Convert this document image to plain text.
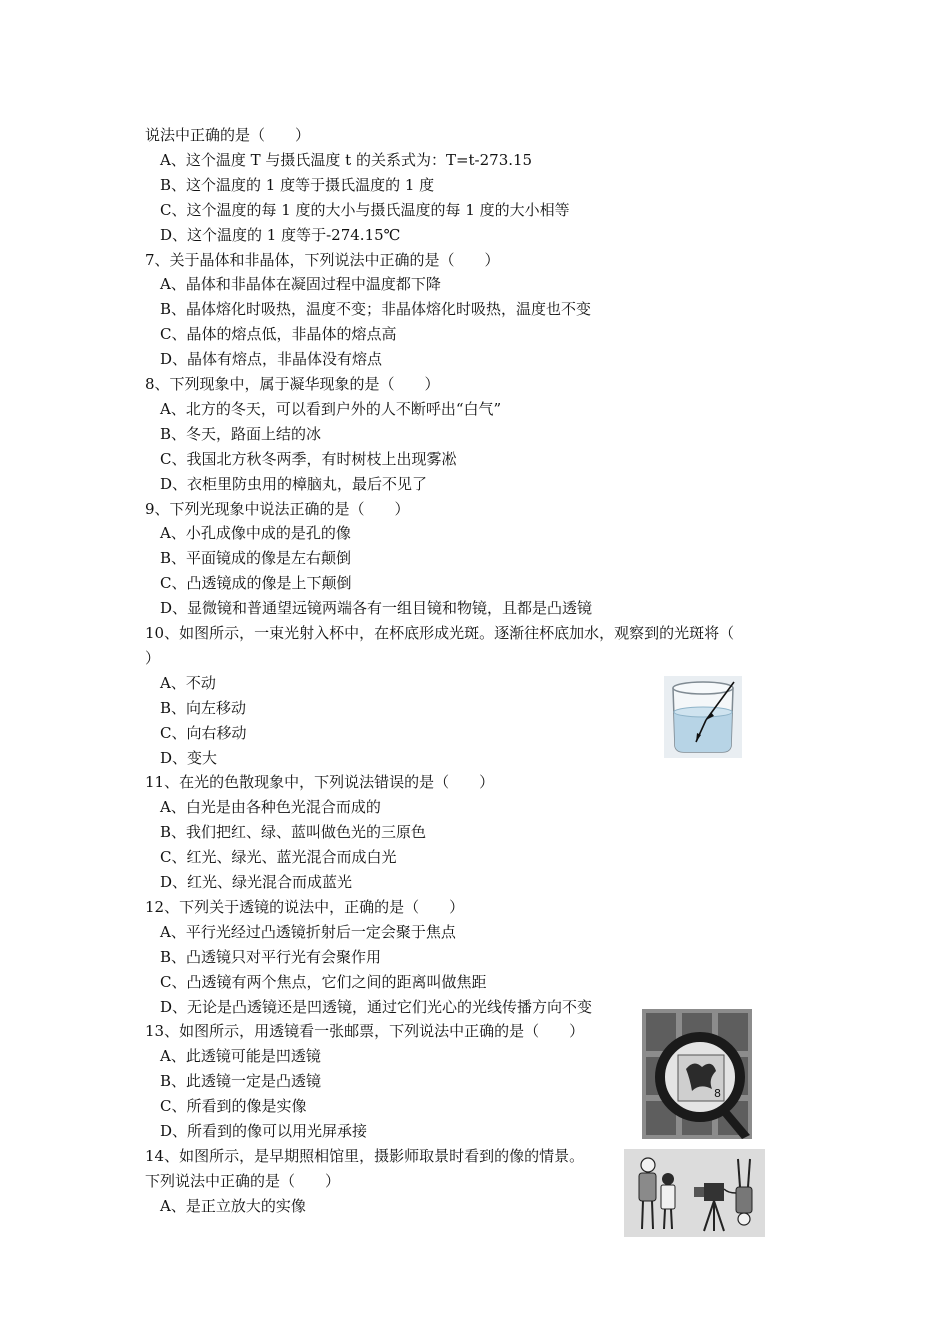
说法中正确的是（　　）
A、这个温度 T 与摄氏温度 t 的关系式为：T=t-273.15
B、这个温度的 1 度等于摄氏温度的 1 度
C、这个温度的每 1 度的大小与摄氏温度的每 1 度的大小相等
D、这个温度的 1 度等于-274.15℃
7、关于晶体和非晶体，下列说法中正确的是（　　）
A、晶体和非晶体在凝固过程中温度都下降
B、晶体熔化时吸热，温度不变；非晶体熔化时吸热，温度也不变
C、晶体的熔点低，非晶体的熔点高
D、晶体有熔点，非晶体没有熔点
8、下列现象中，属于凝华现象的是（　　）
A、北方的冬天，可以看到户外的人不断呼出“白气”
B、冬天，路面上结的冰
C、我国北方秋冬两季，有时树枝上出现雾凇
D、衣柜里防虫用的樟脑丸，最后不见了
9、下列光现象中说法正确的是（　　）
A、小孔成像中成的是孔的像
B、平面镜成的像是左右颠倒
C、凸透镜成的像是上下颠倒
D、显微镜和普通望远镜两端各有一组目镜和物镜，且都是凸透镜
10、如图所示，一束光射入杯中，在杯底形成光斑。逐渐往杯底加水，观察到的光斑将（
）
A、不动
B、向左移动
C、向右移动
D、变大
11、在光的色散现象中，下列说法错误的是（　　）
A、白光是由各种色光混合而成的
B、我们把红、绿、蓝叫做色光的三原色
C、红光、绿光、蓝光混合而成白光
D、红光、绿光混合而成蓝光
12、下列关于透镜的说法中，正确的是（　　）
A、平行光经过凸透镜折射后一定会聚于焦点
B、凸透镜只对平行光有会聚作用
C、凸透镜有两个焦点，它们之间的距离叫做焦距
D、无论是凸透镜还是凹透镜，通过它们光心的光线传播方向不变
13、如图所示，用透镜看一张邮票，下列说法中正确的是（　　）
A、此透镜可能是凹透镜
B、此透镜一定是凸透镜
C、所看到的像是实像
D、所看到的像可以用光屏承接
14、如图所示，是早期照相馆里，摄影师取景时看到的像的情景。
下列说法中正确的是（　　）
A、是正立放大的实像
8
